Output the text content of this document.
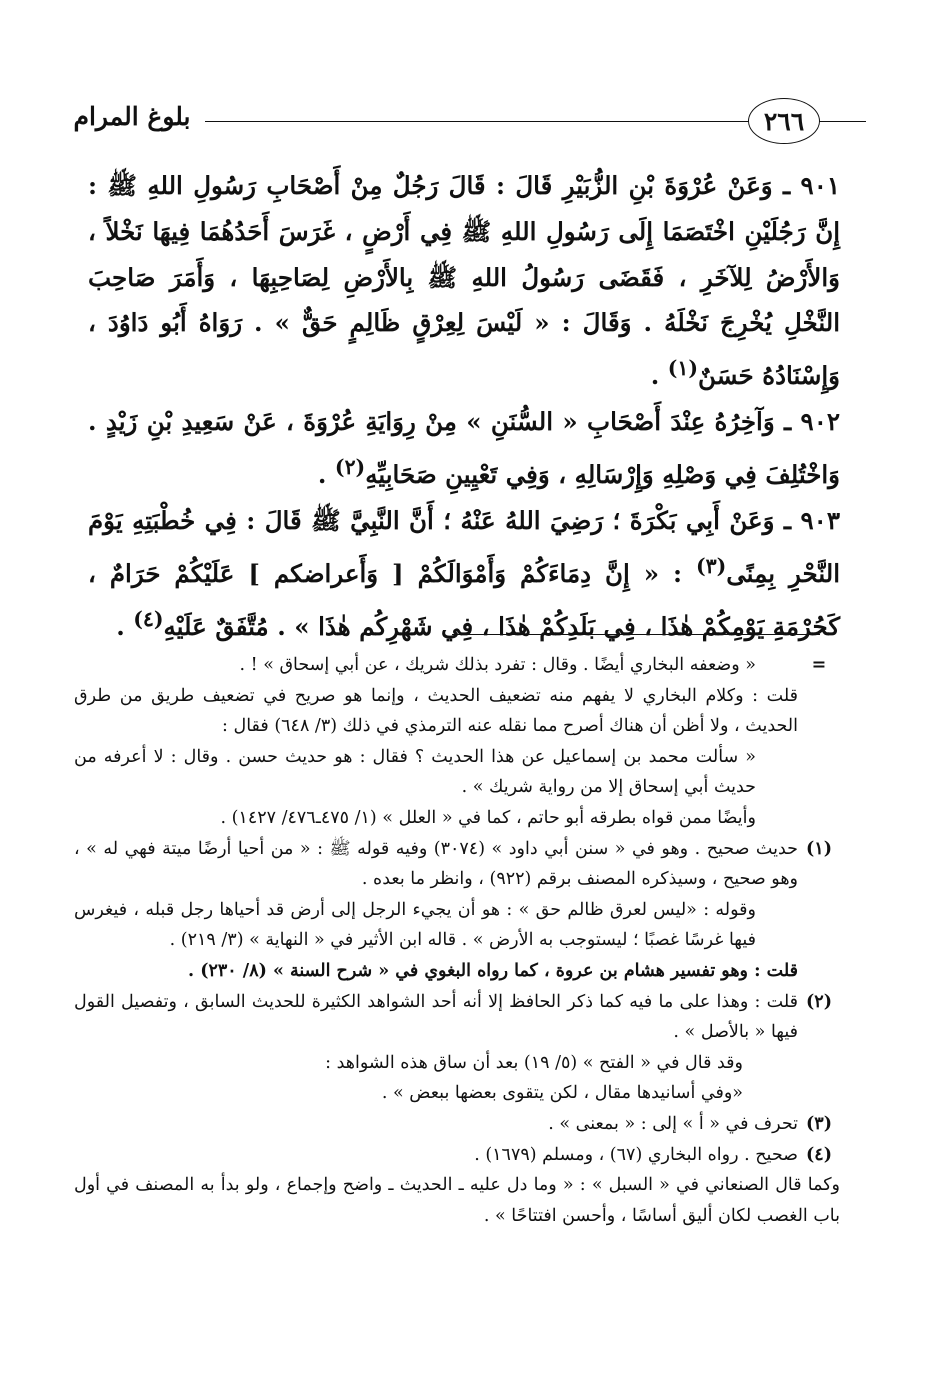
٢٦٦
بلوغ المرام

٩٠١ ـ وَعَنْ عُرْوَةَ بْنِ الزُّبَيْرِ قَالَ : قَالَ رَجُلٌ مِنْ أَصْحَابِ رَسُولِ اللهِ ﷺ : إِنَّ رَجُلَيْنِ اخْتَصَمَا إِلَى رَسُولِ اللهِ ﷺ فِي أَرْضٍ ، غَرَسَ أَحَدُهُمَا فِيهَا نَخْلاً ، وَالأَرْضُ لِلآخَرِ ، فَقَضَى رَسُولُ اللهِ ﷺ بِالأَرْضِ لِصَاحِبِهَا ، وَأَمَرَ صَاحِبَ النَّخْلِ يُخْرِجَ نَخْلَهُ . وَقَالَ : « لَيْسَ لِعِرْقٍ ظَالِمٍ حَقٌّ » . رَوَاهُ أَبُو دَاوُدَ ، وَإِسْنَادُهُ حَسَنٌ$^{(١)}$ .

٩٠٢ ـ وَآخِرُهُ عِنْدَ أَصْحَابِ « السُّنَنِ » مِنْ رِوَايَةِ عُرْوَةَ ، عَنْ سَعِيدِ بْنِ زَيْدٍ . وَاخْتُلِفَ فِي وَصْلِهِ وَإِرْسَالِهِ ، وَفِي تَعْيِينِ صَحَابِيِّهِ$^{(٢)}$ .

٩٠٣ ـ وَعَنْ أَبِي بَكْرَةَ ؛ رَضِيَ اللهُ عَنْهُ ؛ أَنَّ النَّبِيَّ ﷺ قَالَ : فِي خُطْبَتِهِ يَوْمَ النَّحْرِ بِمِنًى$^{(٣)}$ : « إِنَّ دِمَاءَكُمْ وَأَمْوَالَكُمْ [ وَأَعراضكم ] عَلَيْكُمْ حَرَامٌ ، كَحُرْمَةِ يَوْمِكُمْ هٰذَا ، فِي بَلَدِكُمْ هٰذَا ، فِي شَهْرِكُم هٰذَا » . مُتَّفَقٌ عَلَيْهِ$^{(٤)}$ .

=

« وضعفه البخاري أيضًا . وقال : تفرد بذلك شريك ، عن أبي إسحاق » ! .

قلت : وكلام البخاري لا يفهم منه تضعيف الحديث ، وإنما هو صريح في تضعيف طريق من طرق الحديث ، ولا أظن أن هناك أصرح مما نقله عنه الترمذي في ذلك (٣/ ٦٤٨) فقال :

« سألت محمد بن إسماعيل عن هذا الحديث ؟ فقال : هو حديث حسن . وقال : لا أعرفه من حديث أبي إسحاق إلا من رواية شريك » .

وأيضًا ممن قواه بطرقه أبو حاتم ، كما في « العلل » (١/ ٤٧٥ـ٤٧٦/ ١٤٢٧) .

(١)

حديث صحيح . وهو في « سنن أبي داود » (٣٠٧٤) وفيه قوله ﷺ : « من أحيا أرضًا ميتة فهي له » ، وهو صحيح ، وسيذكره المصنف برقم (٩٢٢) ، وانظر ما بعده .

وقوله : «ليس لعرق ظالم حق » : هو أن يجيء الرجل إلى أرض قد أحياها رجل قبله ، فيغرس فيها غرسًا غصبًا ؛ ليستوجب به الأرض » . قاله ابن الأثير في « النهاية » (٣/ ٢١٩) .

قلت : وهو تفسير هشام بن عروة ، كما رواه البغوي في « شرح السنة » (٨/ ٢٣٠) .

(٢)

قلت : وهذا على ما فيه كما ذكر الحافظ إلا أنه أحد الشواهد الكثيرة للحديث السابق ، وتفصيل القول فيها « بالأصل » .

وقد قال في « الفتح » (٥/ ١٩) بعد أن ساق هذه الشواهد :

«وفي أسانيدها مقال ، لكن يتقوى بعضها ببعض » .

(٣)

تحرف في « أ » إلى : « بمعنى » .

(٤)

صحيح . رواه البخاري (٦٧) ، ومسلم (١٦٧٩) .

وكما قال الصنعاني في « السبل » : « وما دل عليه ـ الحديث ـ واضح وإجماع ، ولو بدأ به المصنف في أول باب الغصب لكان أليق أساسًا ، وأحسن افتتاحًا » .
